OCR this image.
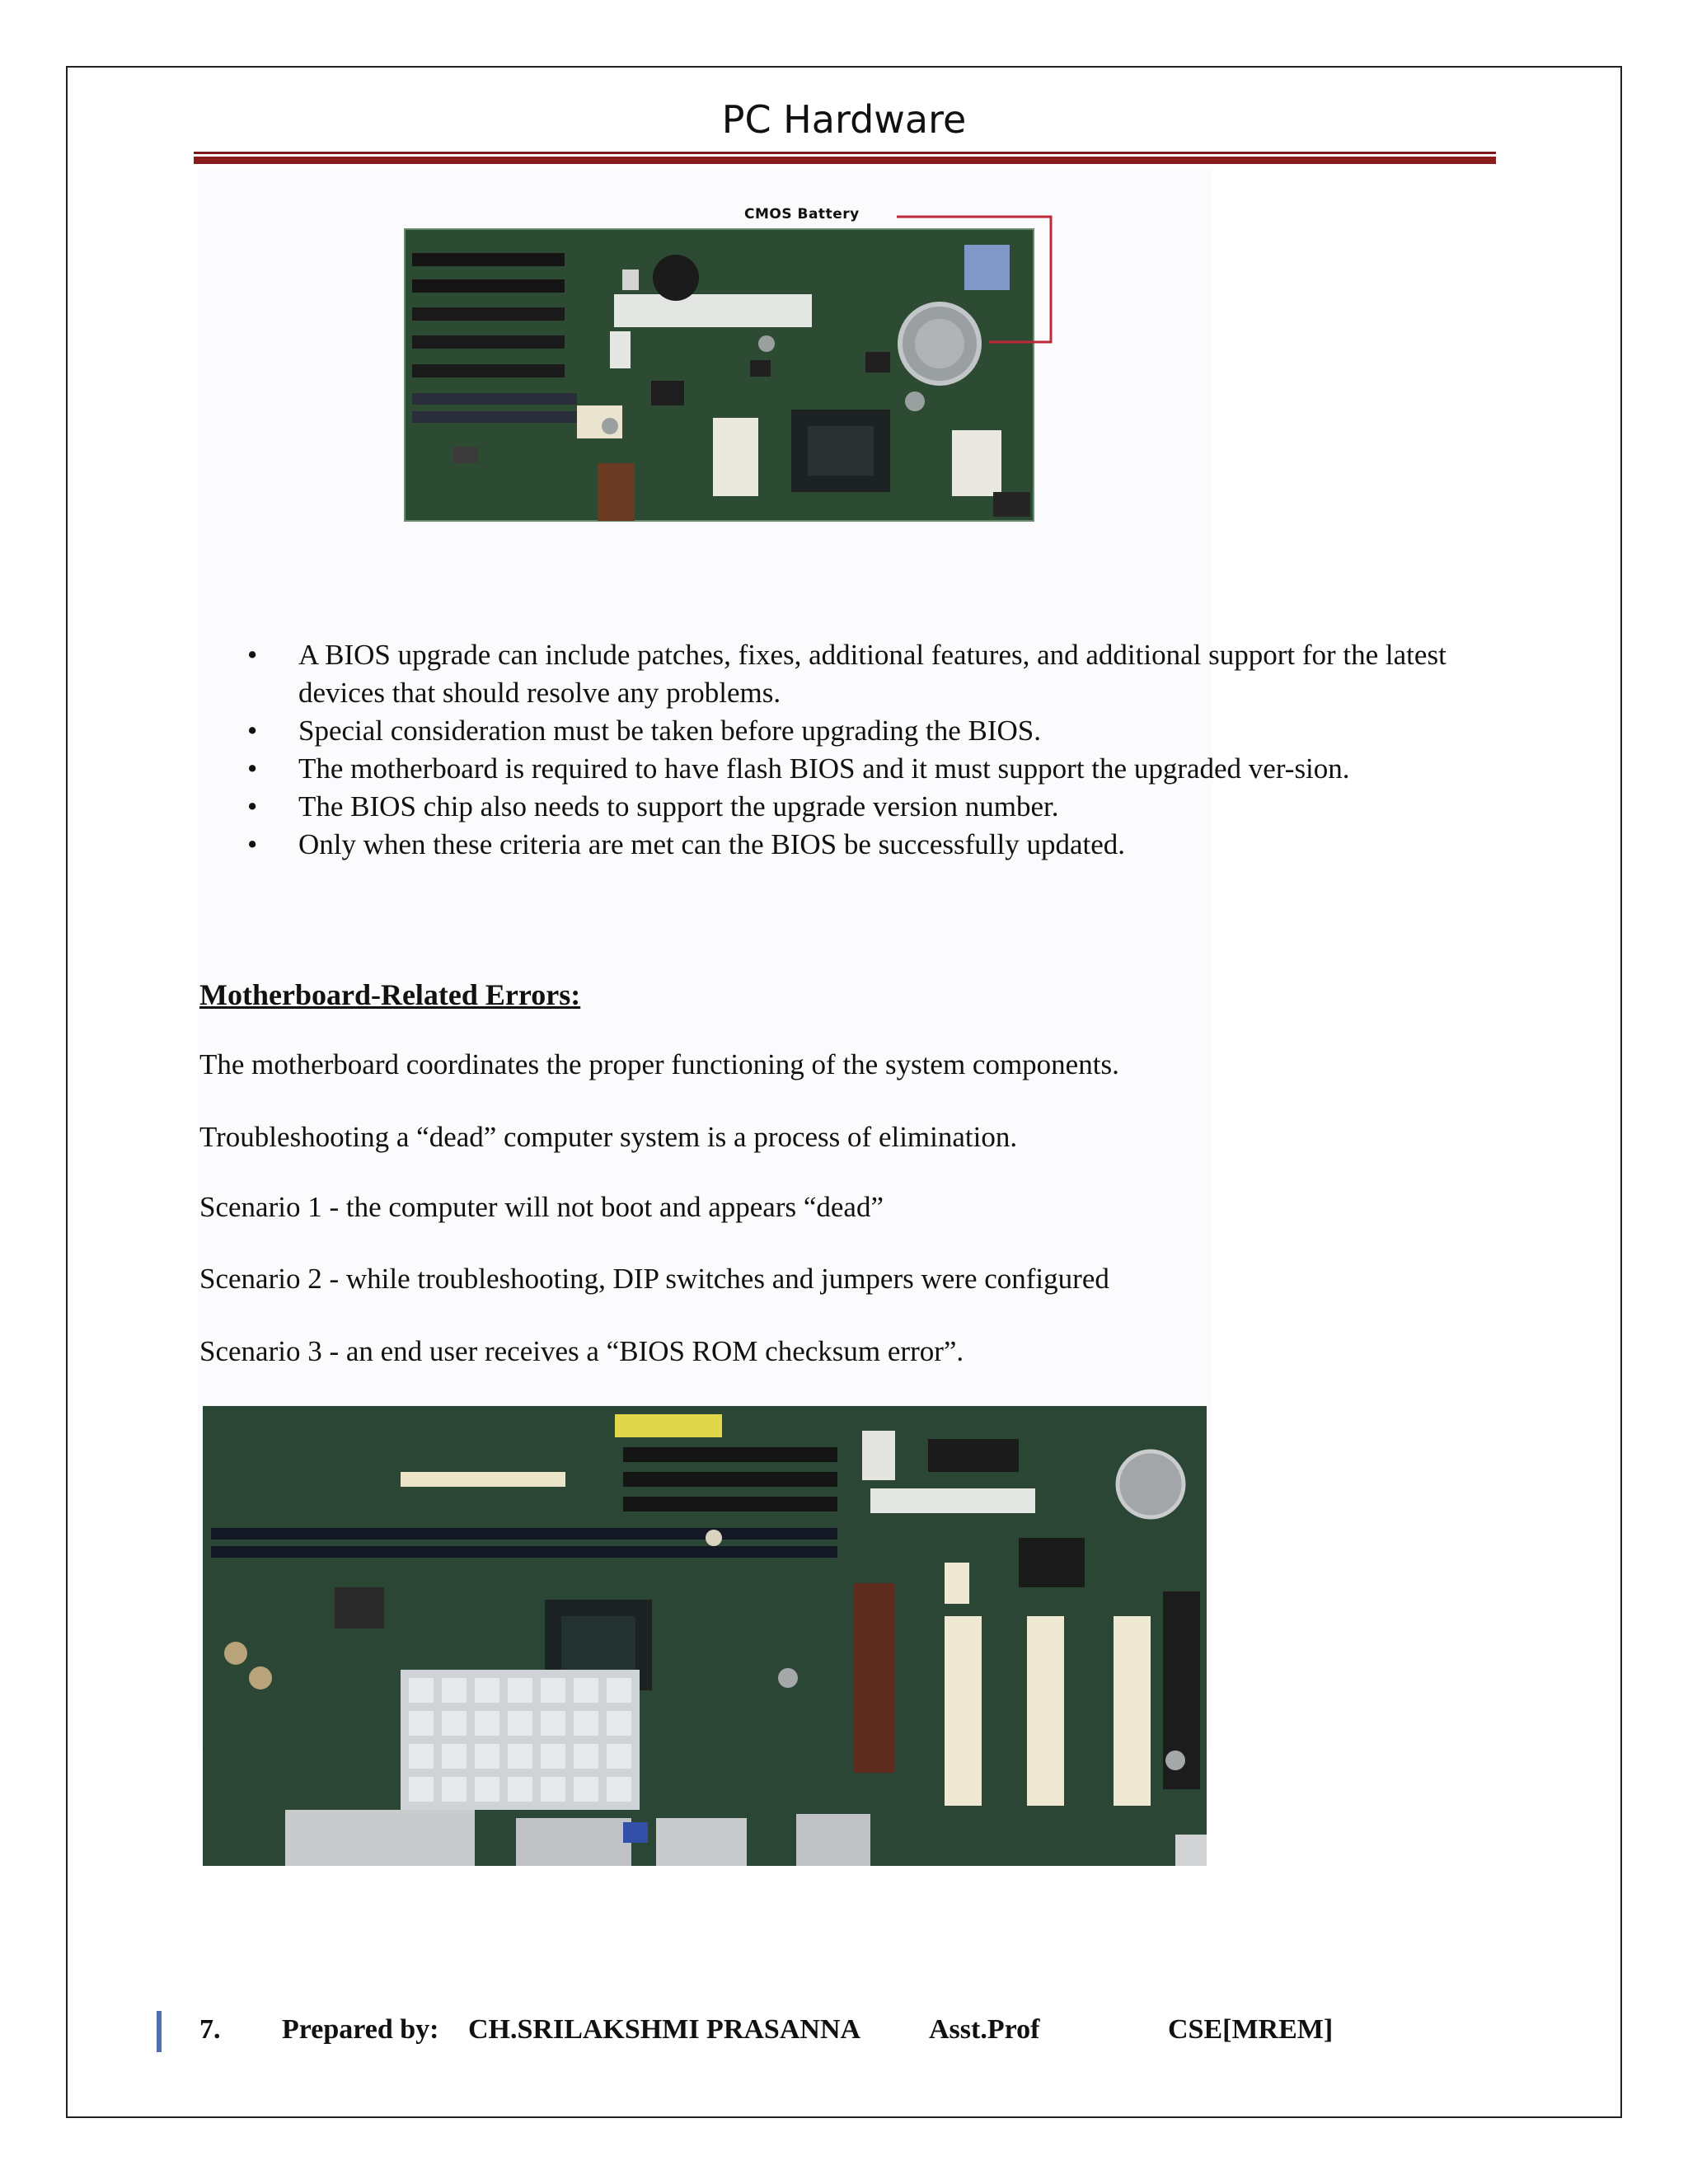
PC Hardware
CMOS Battery
• A BIOS upgrade can include patches, fixes, additional features, and additional support for the latest devices that should resolve any problems.
• Special consideration must be taken before upgrading the BIOS.
• The motherboard is required to have flash BIOS and it must support the upgraded ver-sion.
• The BIOS chip also needs to support the upgrade version number.
• Only when these criteria are met can the BIOS be successfully updated.
Motherboard-Related Errors:
The motherboard coordinates the proper functioning of the system components.
Troubleshooting a “dead” computer system is a process of elimination.
Scenario 1 - the computer will not boot and appears “dead”
Scenario 2 - while troubleshooting, DIP switches and jumpers were configured
Scenario 3 - an end user receives a “BIOS ROM checksum error”.
7. Prepared by: CH.SRILAKSHMI PRASANNA Asst.Prof	CSE[MREM]
